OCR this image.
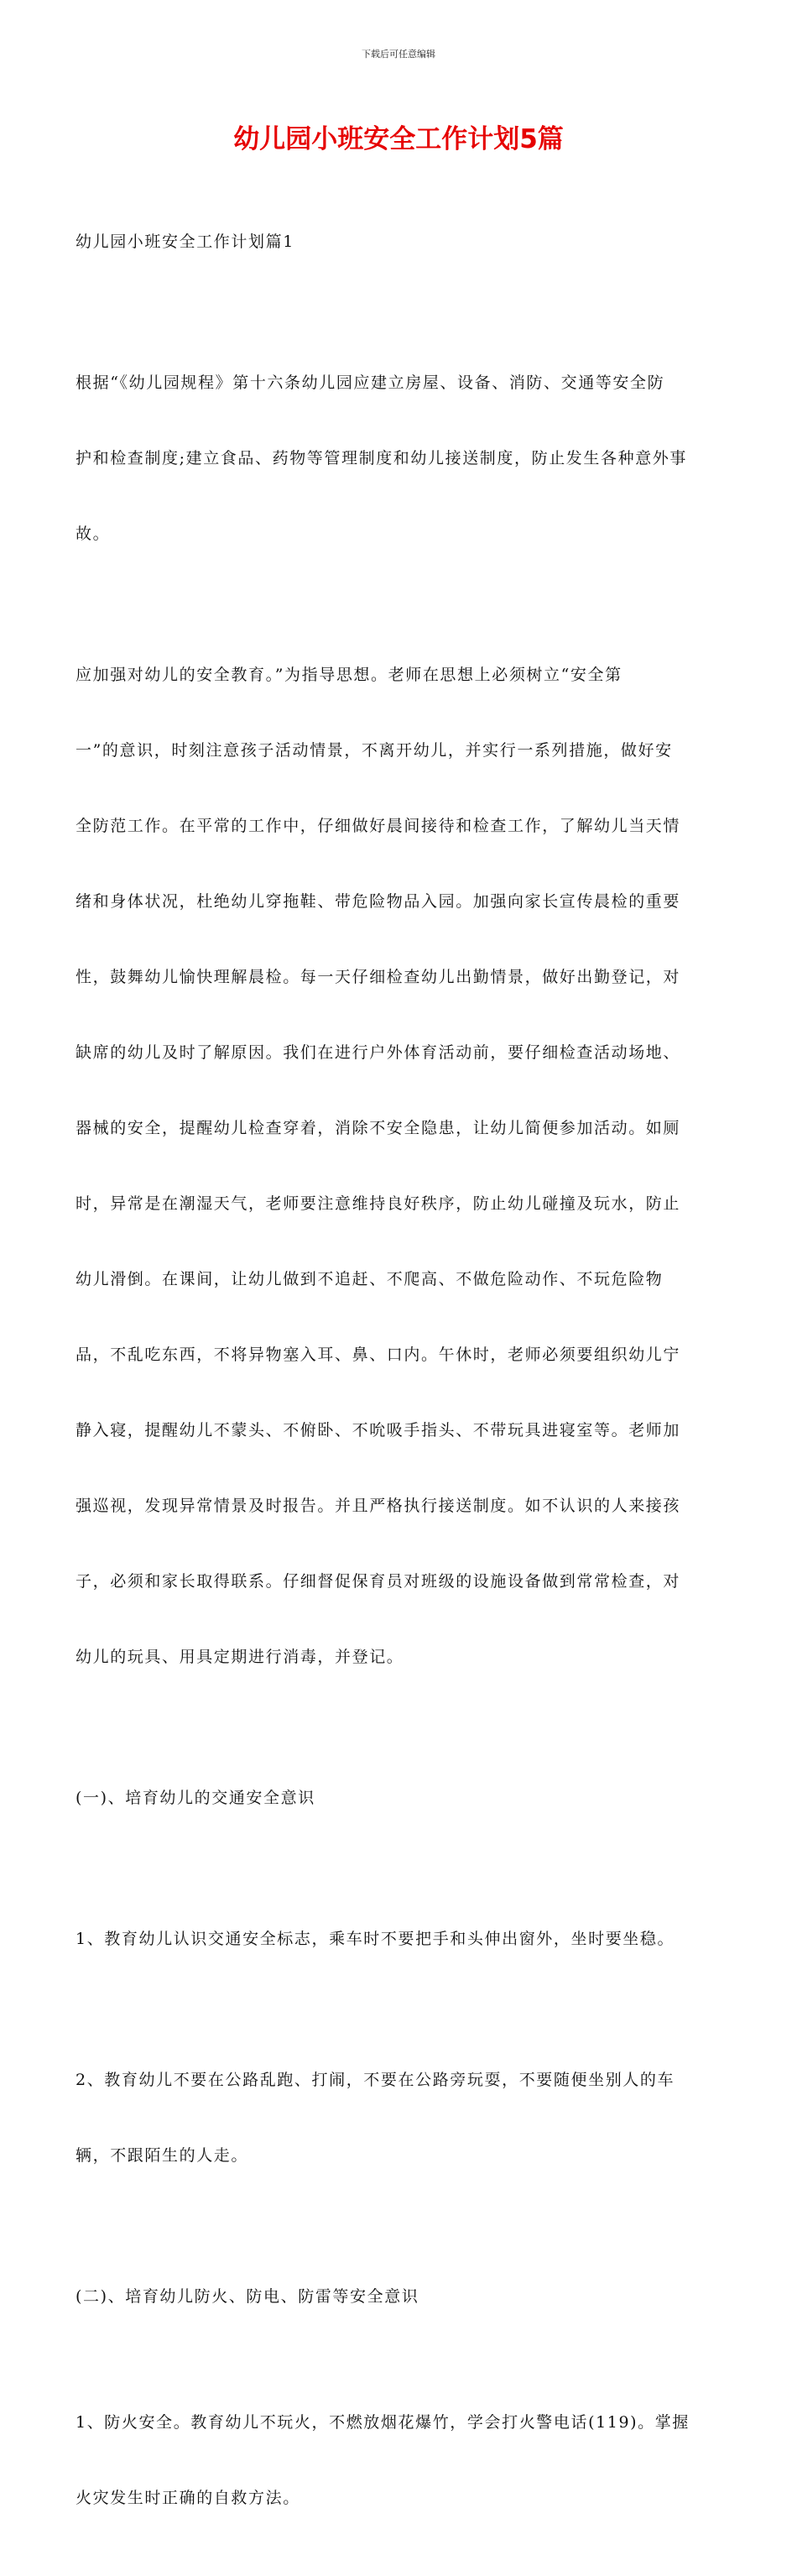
下载后可任意编辑
幼儿园小班安全工作计划5篇

幼儿园小班安全工作计划篇1

根据“《幼儿园规程》第十六条幼儿园应建立房屋、设备、消防、交通等安全防

护和检查制度;建立食品、药物等管理制度和幼儿接送制度，防止发生各种意外事

故。

应加强对幼儿的安全教育。”为指导思想。老师在思想上必须树立“安全第

一”的意识，时刻注意孩子活动情景，不离开幼儿，并实行一系列措施，做好安

全防范工作。在平常的工作中，仔细做好晨间接待和检查工作，了解幼儿当天情

绪和身体状况，杜绝幼儿穿拖鞋、带危险物品入园。加强向家长宣传晨检的重要

性，鼓舞幼儿愉快理解晨检。每一天仔细检查幼儿出勤情景，做好出勤登记，对

缺席的幼儿及时了解原因。我们在进行户外体育活动前，要仔细检查活动场地、

器械的安全，提醒幼儿检查穿着，消除不安全隐患，让幼儿简便参加活动。如厕

时，异常是在潮湿天气，老师要注意维持良好秩序，防止幼儿碰撞及玩水，防止

幼儿滑倒。在课间，让幼儿做到不追赶、不爬高、不做危险动作、不玩危险物

品，不乱吃东西，不将异物塞入耳、鼻、口内。午休时，老师必须要组织幼儿宁

静入寝，提醒幼儿不蒙头、不俯卧、不吮吸手指头、不带玩具进寝室等。老师加

强巡视，发现异常情景及时报告。并且严格执行接送制度。如不认识的人来接孩

子，必须和家长取得联系。仔细督促保育员对班级的设施设备做到常常检查，对

幼儿的玩具、用具定期进行消毒，并登记。

(一)、培育幼儿的交通安全意识

1、教育幼儿认识交通安全标志，乘车时不要把手和头伸出窗外，坐时要坐稳。

2、教育幼儿不要在公路乱跑、打闹，不要在公路旁玩耍，不要随便坐别人的车

辆，不跟陌生的人走。

(二)、培育幼儿防火、防电、防雷等安全意识

1、防火安全。教育幼儿不玩火，不燃放烟花爆竹，学会打火警电话(119)。掌握

火灾发生时正确的自救方法。
